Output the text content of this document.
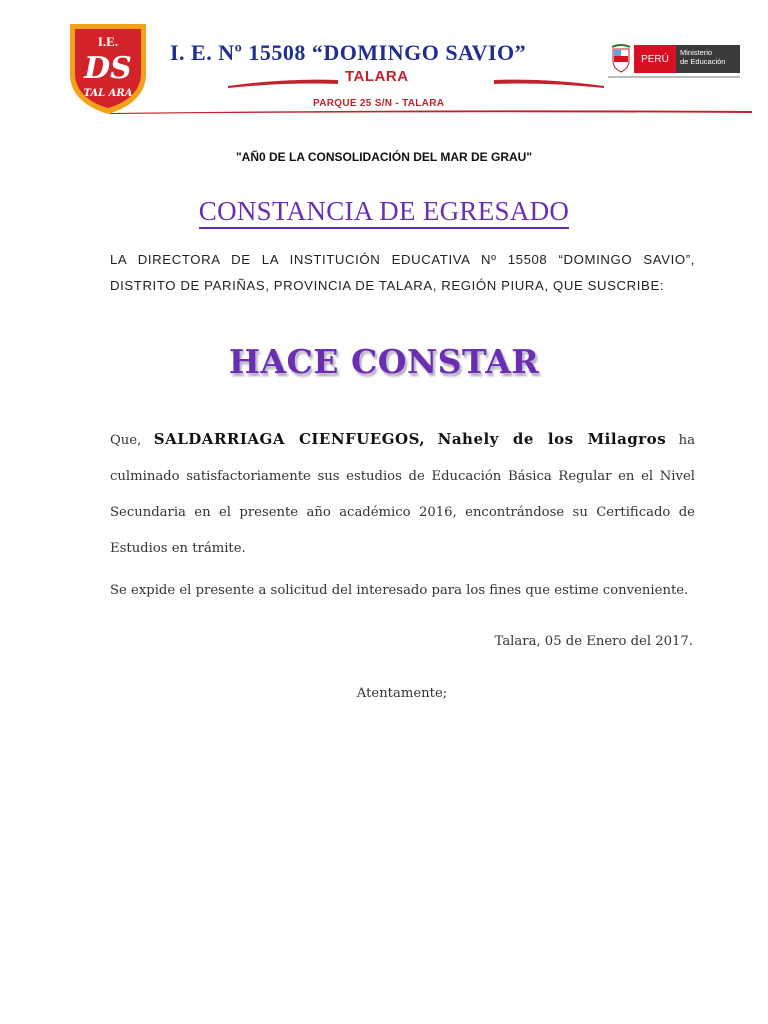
I.E.
DS
TAL ARA
I. E. Nº 15508 “DOMINGO SAVIO”
TALARA
PARQUE 25 S/N - TALARA
PERÚ
Ministerio
de Educación
"AÑ0 DE LA CONSOLIDACIÓN DEL MAR DE GRAU"
CONSTANCIA DE EGRESADO
LA DIRECTORA DE LA INSTITUCIÓN EDUCATIVA Nº 15508 “DOMINGO SAVIO”, DISTRITO DE PARIÑAS, PROVINCIA DE TALARA, REGIÓN PIURA, QUE SUSCRIBE:
HACE CONSTAR
Que, SALDARRIAGA CIENFUEGOS, Nahely de los Milagros ha culminado satisfactoriamente sus estudios de Educación Básica Regular en el Nivel Secundaria en el presente año académico 2016, encontrándose su Certificado de Estudios en trámite.
Se expide el presente a solicitud del interesado para los fines que estime conveniente.
Talara, 05 de Enero del 2017.
Atentamente;
